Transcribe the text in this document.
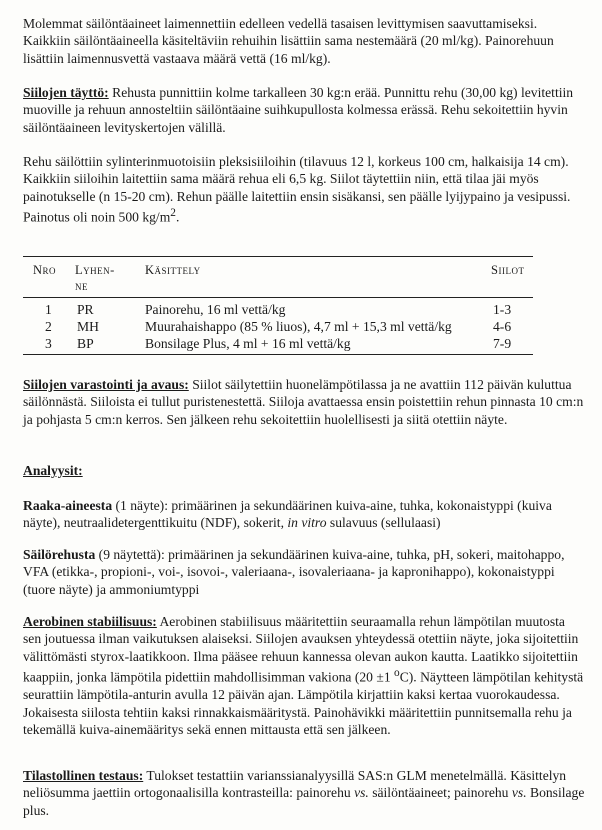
Molemmat säilöntäaineet laimennettiin edelleen vedellä tasaisen levittymisen saavuttamiseksi. Kaikkiin säilöntäaineella käsiteltäviin rehuihin lisättiin sama nestemäärä (20 ml/kg). Painorehuun lisättiin laimennusvettä vastaava määrä vettä (16 ml/kg).

Siilojen täyttö: Rehusta punnittiin kolme tarkalleen 30 kg:n erää. Punnittu rehu (30,00 kg) levitettiin muoville ja rehuun annosteltiin säilöntäaine suihkupullosta kolmessa erässä. Rehu sekoitettiin hyvin säilöntäaineen levityskertojen välillä.

Rehu säilöttiin sylinterinmuotoisiin pleksisiiloihin (tilavuus 12 l, korkeus 100 cm, halkaisija 14 cm). Kaikkiin siiloihin laitettiin sama määrä rehua eli 6,5 kg. Siilot täytettiin niin, että tilaa jäi myös painotukselle (n 15-20 cm). Rehun päälle laitettiin ensin sisäkansi, sen päälle lyijypaino ja vesipussi. Painotus oli noin 500 $kg/m^2$.

Nro Lyhen-
ne
Käsittely	Siilot
1 PR	Painorehu, 16 ml vettä/kg	1-3
2 MH	Muurahaishappo (85 % liuos), 4,7 ml + 15,3 ml vettä/kg	4-6
3 BP	Bonsilage Plus, 4 ml + 16 ml vettä/kg	7-9

Siilojen varastointi ja avaus: Siilot säilytettiin huonelämpötilassa ja ne avattiin 112 päivän kuluttua säilönnästä. Siiloista ei tullut puristenestettä. Siiloja avattaessa ensin poistettiin rehun pinnasta 10 cm:n ja pohjasta 5 cm:n kerros. Sen jälkeen rehu sekoitettiin huolellisesti ja siitä otettiin näyte.

Analyysit:

Raaka-aineesta (1 näyte): primäärinen ja sekundäärinen kuiva-aine, tuhka, kokonaistyppi (kuiva näyte), neutraalidetergenttikuitu (NDF), sokerit, in vitro sulavuus (sellulaasi)

Säilörehusta (9 näytettä): primäärinen ja sekundäärinen kuiva-aine, tuhka, pH, sokeri, maitohappo, VFA (etikka-, propioni-, voi-, isovoi-, valeriaana-, isovaleriaana- ja kapronihappo), kokonaistyppi (tuore näyte) ja ammoniumtyppi

Aerobinen stabiilisuus: Aerobinen stabiilisuus määritettiin seuraamalla rehun lämpötilan muutosta sen joutuessa ilman vaikutuksen alaiseksi. Siilojen avauksen yhteydessä otettiin näyte, joka sijoitettiin välittömästi styrox-laatikkoon. Ilma pääsee rehuun kannessa olevan aukon kautta. Laatikko sijoitettiin kaappiin, jonka lämpötila pidettiin mahdollisimman vakiona (20 ±1 $^o$C). Näytteen lämpötilan kehitystä seurattiin lämpötila-anturin avulla 12 päivän ajan. Lämpötila kirjattiin kaksi kertaa vuorokaudessa. Jokaisesta siilosta tehtiin kaksi rinnakkaismääritystä. Painohävikki määritettiin punnitsemalla rehu ja tekemällä kuiva-ainemääritys sekä ennen mittausta että sen jälkeen.

Tilastollinen testaus: Tulokset testattiin varianssianalyysillä SAS:n GLM menetelmällä. Käsittelyn neliösumma jaettiin ortogonaalisilla kontrasteilla: painorehu vs. säilöntäaineet; painorehu vs. Bonsilage plus.
